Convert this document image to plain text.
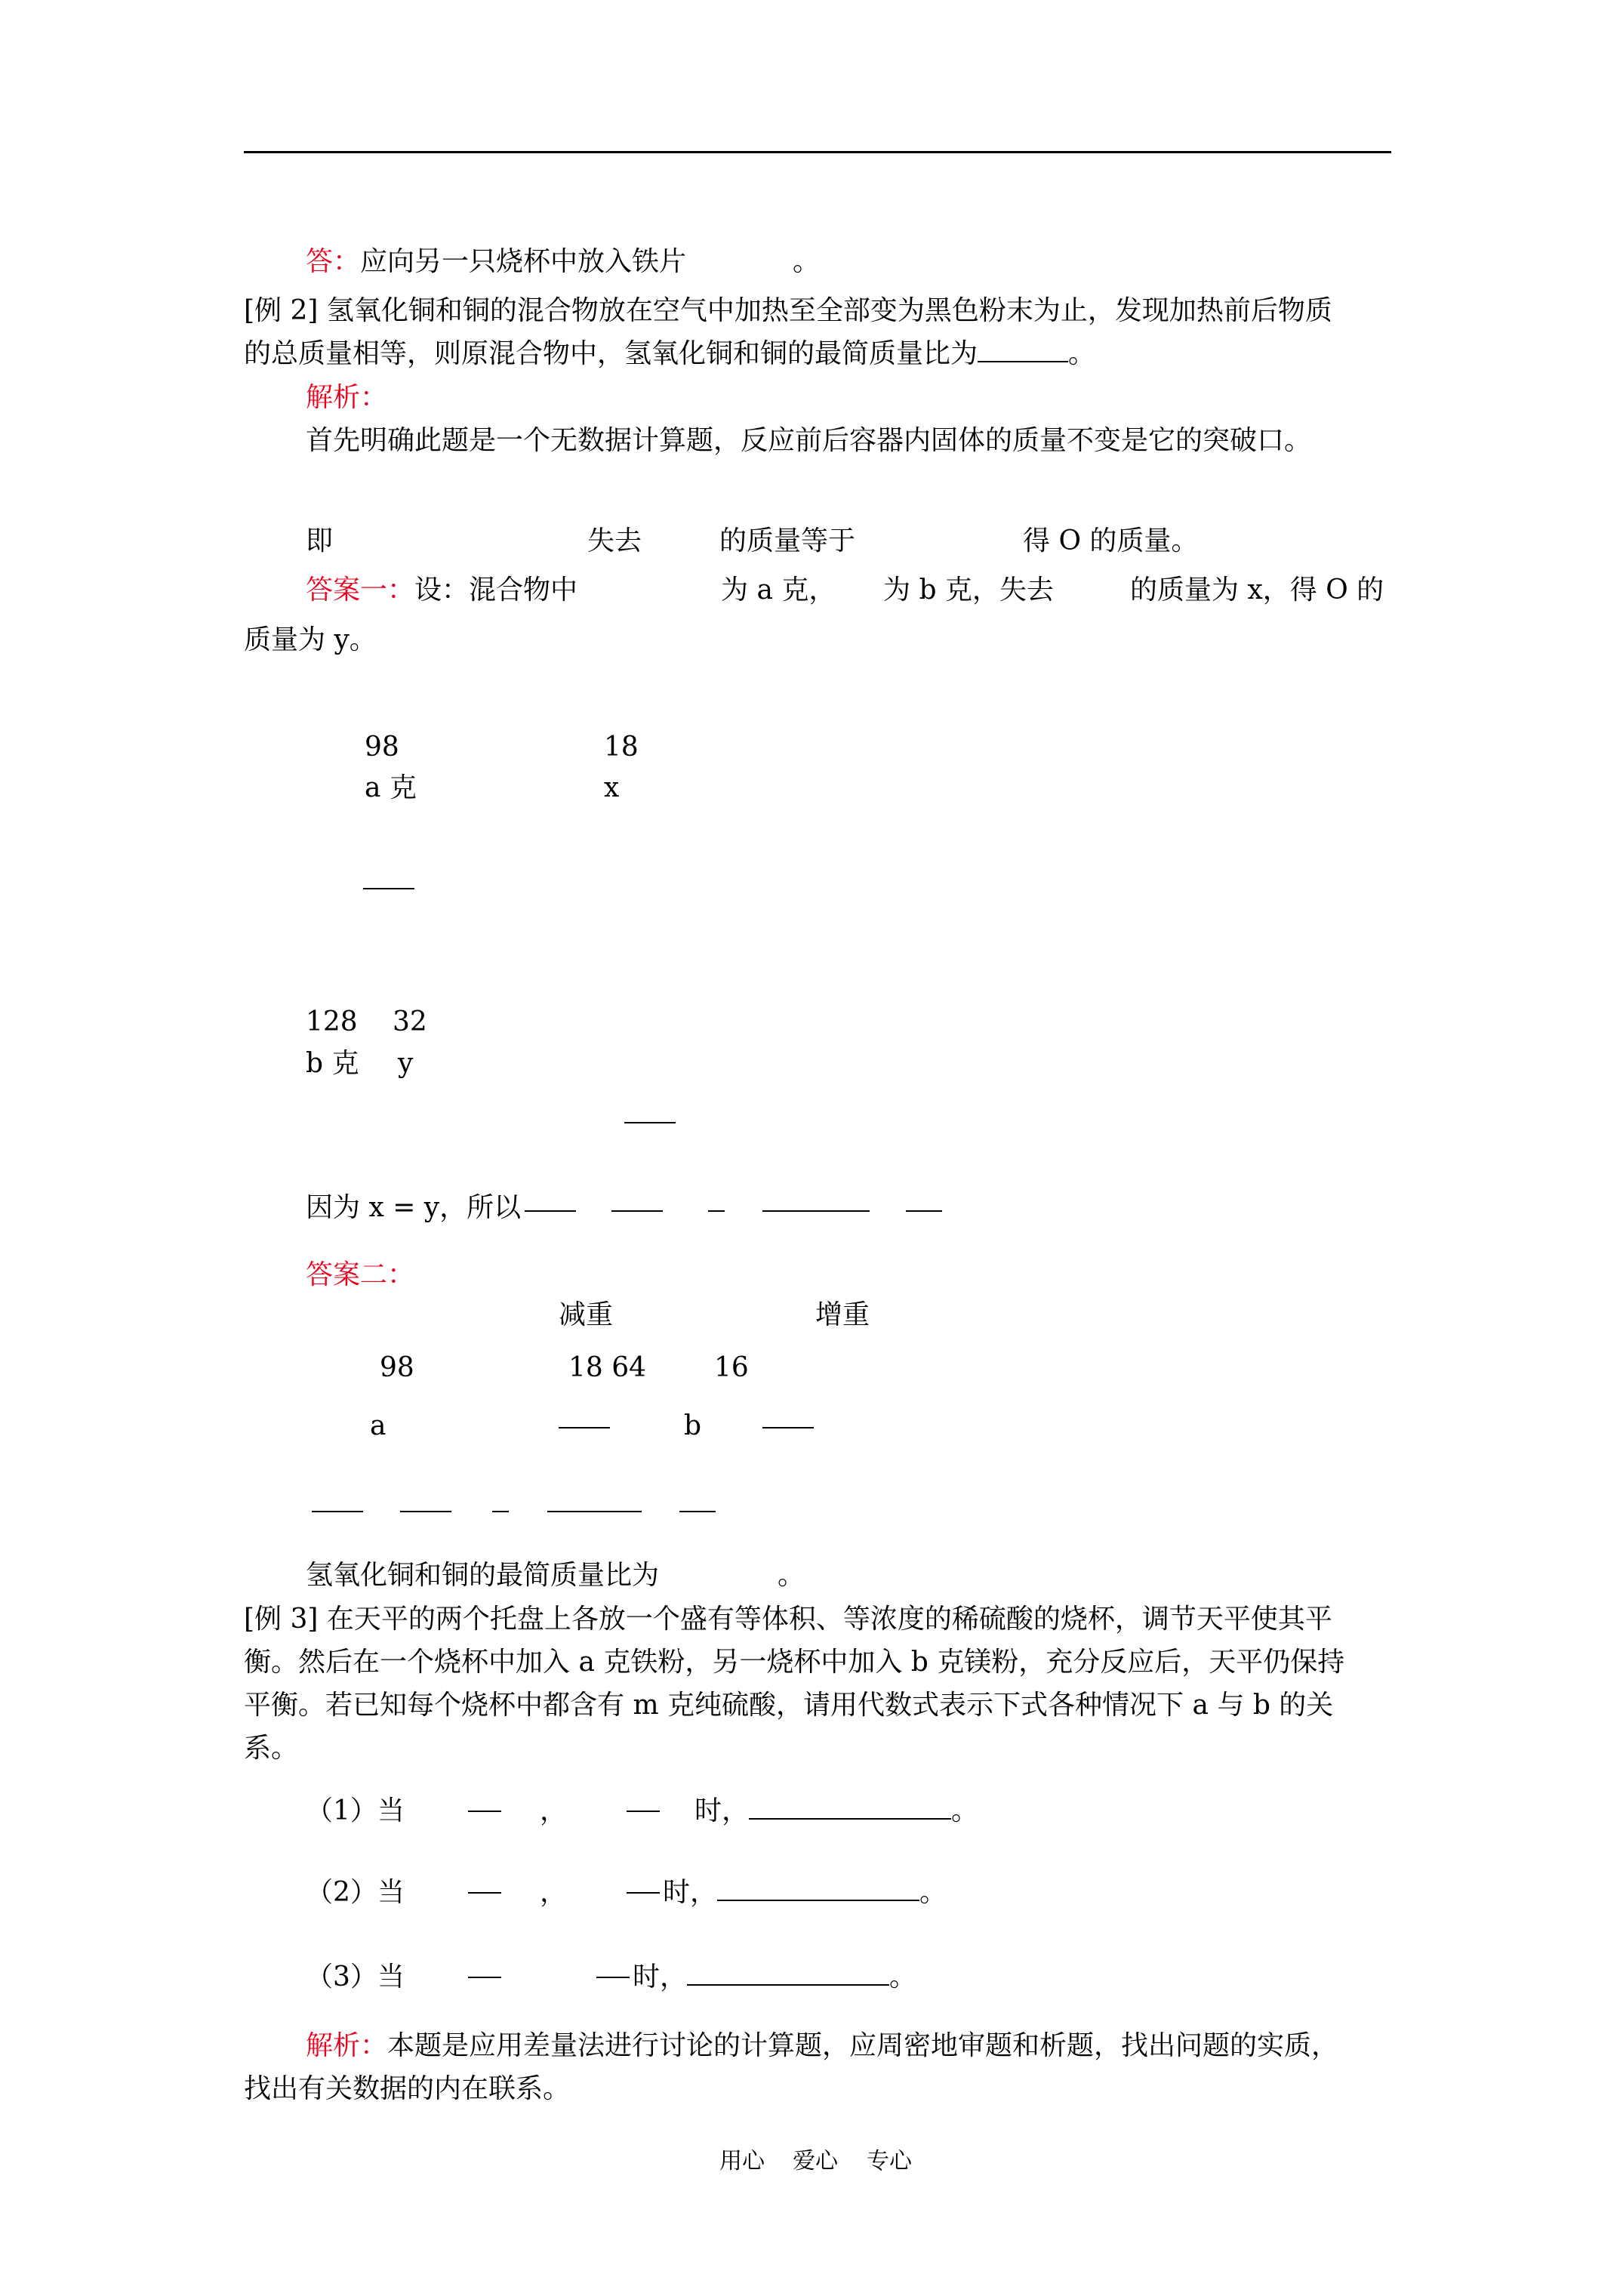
答：应向另一只烧杯中放入铁片	。
[例 2] 氢氧化铜和铜的混合物放在空气中加热至全部变为黑色粉末为止，发现加热前后物质
的总质量相等，则原混合物中，氢氧化铜和铜的最简质量比为	。
解析：
首先明确此题是一个无数据计算题，反应前后容器内固体的质量不变是它的突破口。
即	失去	的质量等于	得 O 的质量。
答案一：设：混合物中	为 a 克， 为 b 克，失去	的质量为 x，得 O 的
质量为 y。
98	18
a 克	x
128 32
b 克 y
因为 x = y，所以
答案二：
减重	增重
98	18 64 16
a	b
氢氧化铜和铜的最简质量比为	。
[例 3] 在天平的两个托盘上各放一个盛有等体积、等浓度的稀硫酸的烧杯，调节天平使其平
衡。然后在一个烧杯中加入 a 克铁粉，另一烧杯中加入 b 克镁粉，充分反应后，天平仍保持
平衡。若已知每个烧杯中都含有 m 克纯硫酸，请用代数式表示下式各种情况下 a 与 b 的关
系。
（1）当	，	时，	。
（2）当	，	时，	。
（3）当	时，	。
解析：本题是应用差量法进行讨论的计算题，应周密地审题和析题，找出问题的实质，
找出有关数据的内在联系。
用心 爱心 专心
